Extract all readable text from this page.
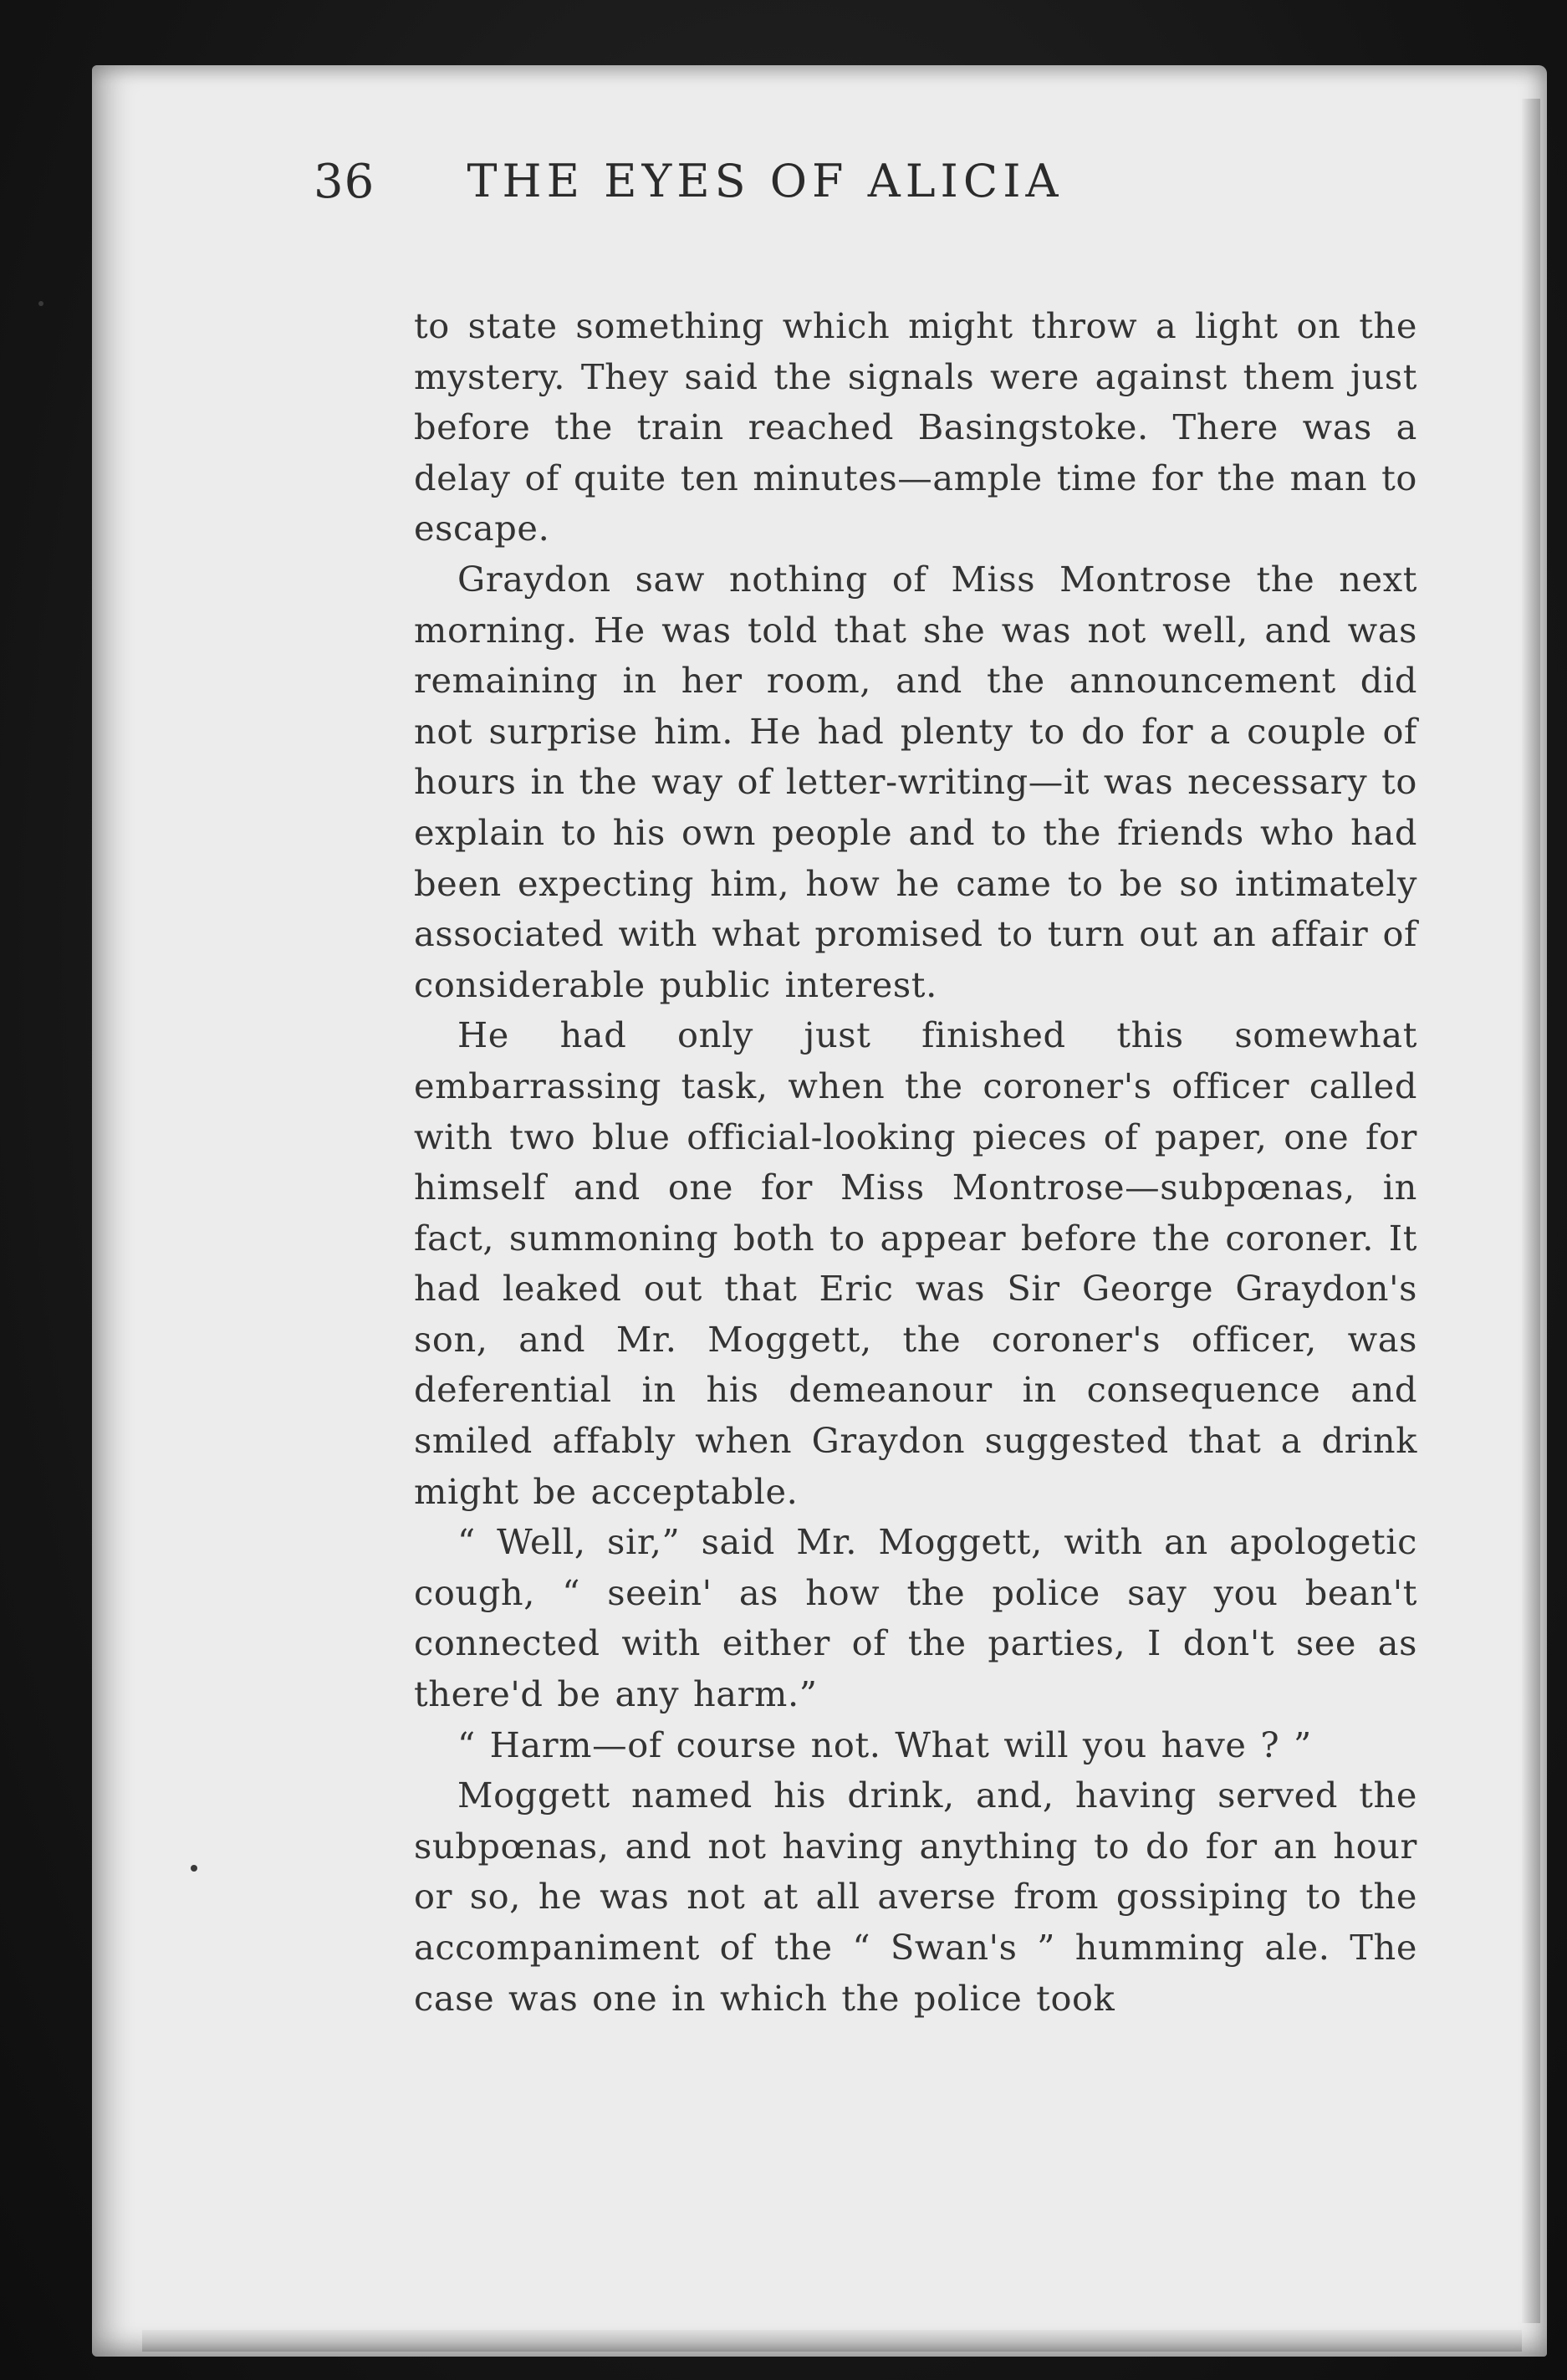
36	THE EYES OF ALICIA

to state something which might throw a light on the mystery. They said the signals were against them just before the train reached Basingstoke. There was a delay of quite ten minutes—ample time for the man to escape.

Graydon saw nothing of Miss Montrose the next morning. He was told that she was not well, and was remaining in her room, and the announcement did not surprise him. He had plenty to do for a couple of hours in the way of letter-writing—it was necessary to explain to his own people and to the friends who had been expecting him, how he came to be so intimately associated with what promised to turn out an affair of considerable public interest.

He had only just finished this somewhat embarrassing task, when the coroner's officer called with two blue official-looking pieces of paper, one for himself and one for Miss Montrose—subpœnas, in fact, summoning both to appear before the coroner. It had leaked out that Eric was Sir George Graydon's son, and Mr. Moggett, the coroner's officer, was deferential in his demeanour in consequence and smiled affably when Graydon suggested that a drink might be acceptable.

“ Well, sir,” said Mr. Moggett, with an apologetic cough, “ seein' as how the police say you bean't connected with either of the parties, I don't see as there'd be any harm.”

“ Harm—of course not. What will you have ? ”

Moggett named his drink, and, having served the subpœnas, and not having anything to do for an hour or so, he was not at all averse from gossiping to the accompaniment of the “ Swan's ” humming ale. The case was one in which the police took
